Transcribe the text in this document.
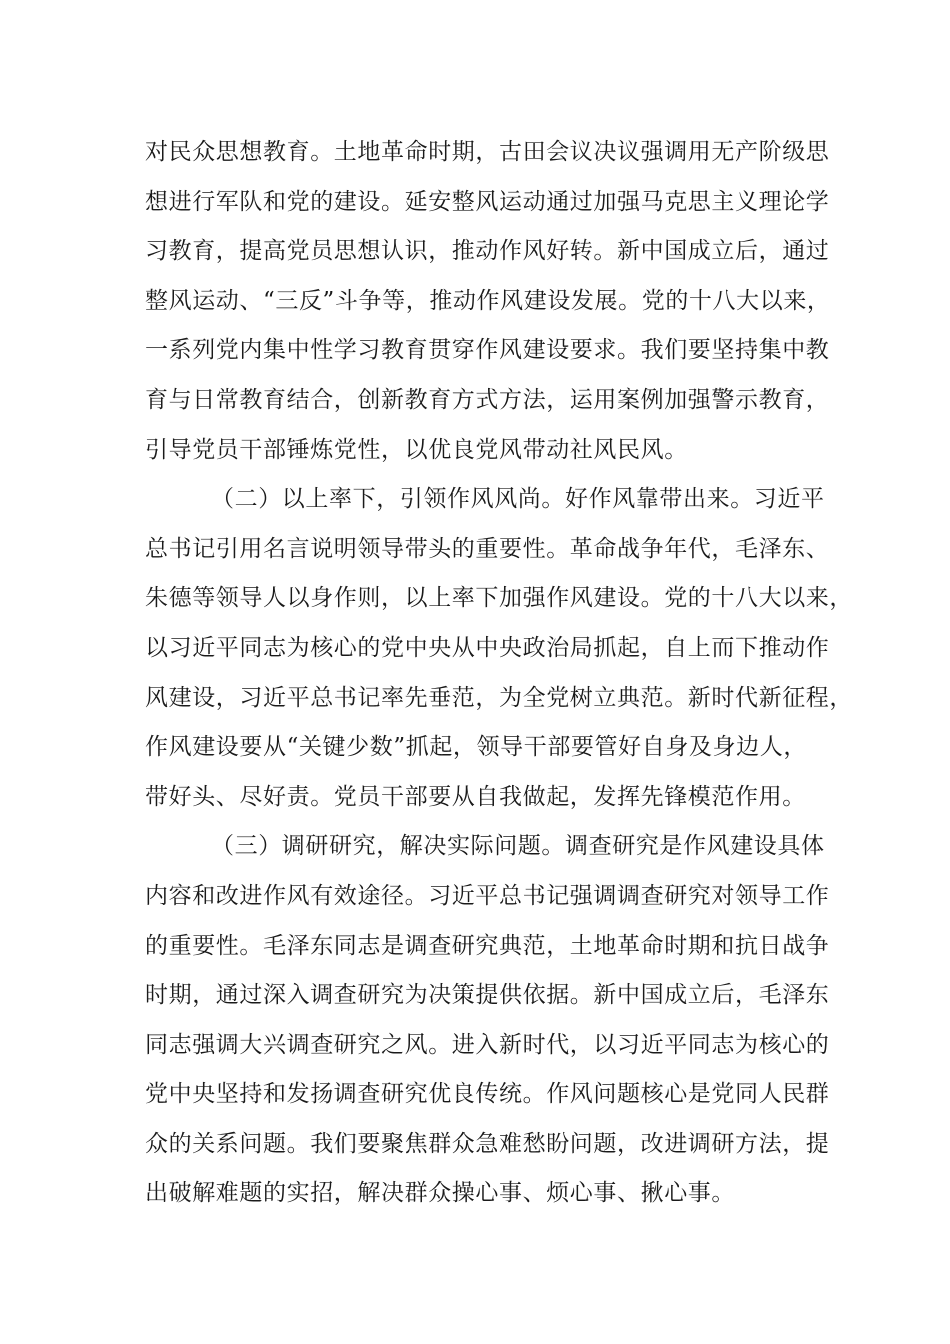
对民众思想教育。土地革命时期，古田会议决议强调用无产阶级思
想进行军队和党的建设。延安整风运动通过加强马克思主义理论学
习教育，提高党员思想认识，推动作风好转。新中国成立后，通过
整风运动、“三反”斗争等，推动作风建设发展。党的十八大以来，
一系列党内集中性学习教育贯穿作风建设要求。我们要坚持集中教
育与日常教育结合，创新教育方式方法，运用案例加强警示教育，
引导党员干部锤炼党性，以优良党风带动社风民风。
（二）以上率下，引领作风风尚。好作风靠带出来。习近平
总书记引用名言说明领导带头的重要性。革命战争年代，毛泽东、
朱德等领导人以身作则，以上率下加强作风建设。党的十八大以来，
以习近平同志为核心的党中央从中央政治局抓起，自上而下推动作
风建设，习近平总书记率先垂范，为全党树立典范。新时代新征程，
作风建设要从“关键少数”抓起，领导干部要管好自身及身边人，
带好头、尽好责。党员干部要从自我做起，发挥先锋模范作用。
（三）调研研究，解决实际问题。调查研究是作风建设具体
内容和改进作风有效途径。习近平总书记强调调查研究对领导工作
的重要性。毛泽东同志是调查研究典范，土地革命时期和抗日战争
时期，通过深入调查研究为决策提供依据。新中国成立后，毛泽东
同志强调大兴调查研究之风。进入新时代，以习近平同志为核心的
党中央坚持和发扬调查研究优良传统。作风问题核心是党同人民群
众的关系问题。我们要聚焦群众急难愁盼问题，改进调研方法，提
出破解难题的实招，解决群众操心事、烦心事、揪心事。
